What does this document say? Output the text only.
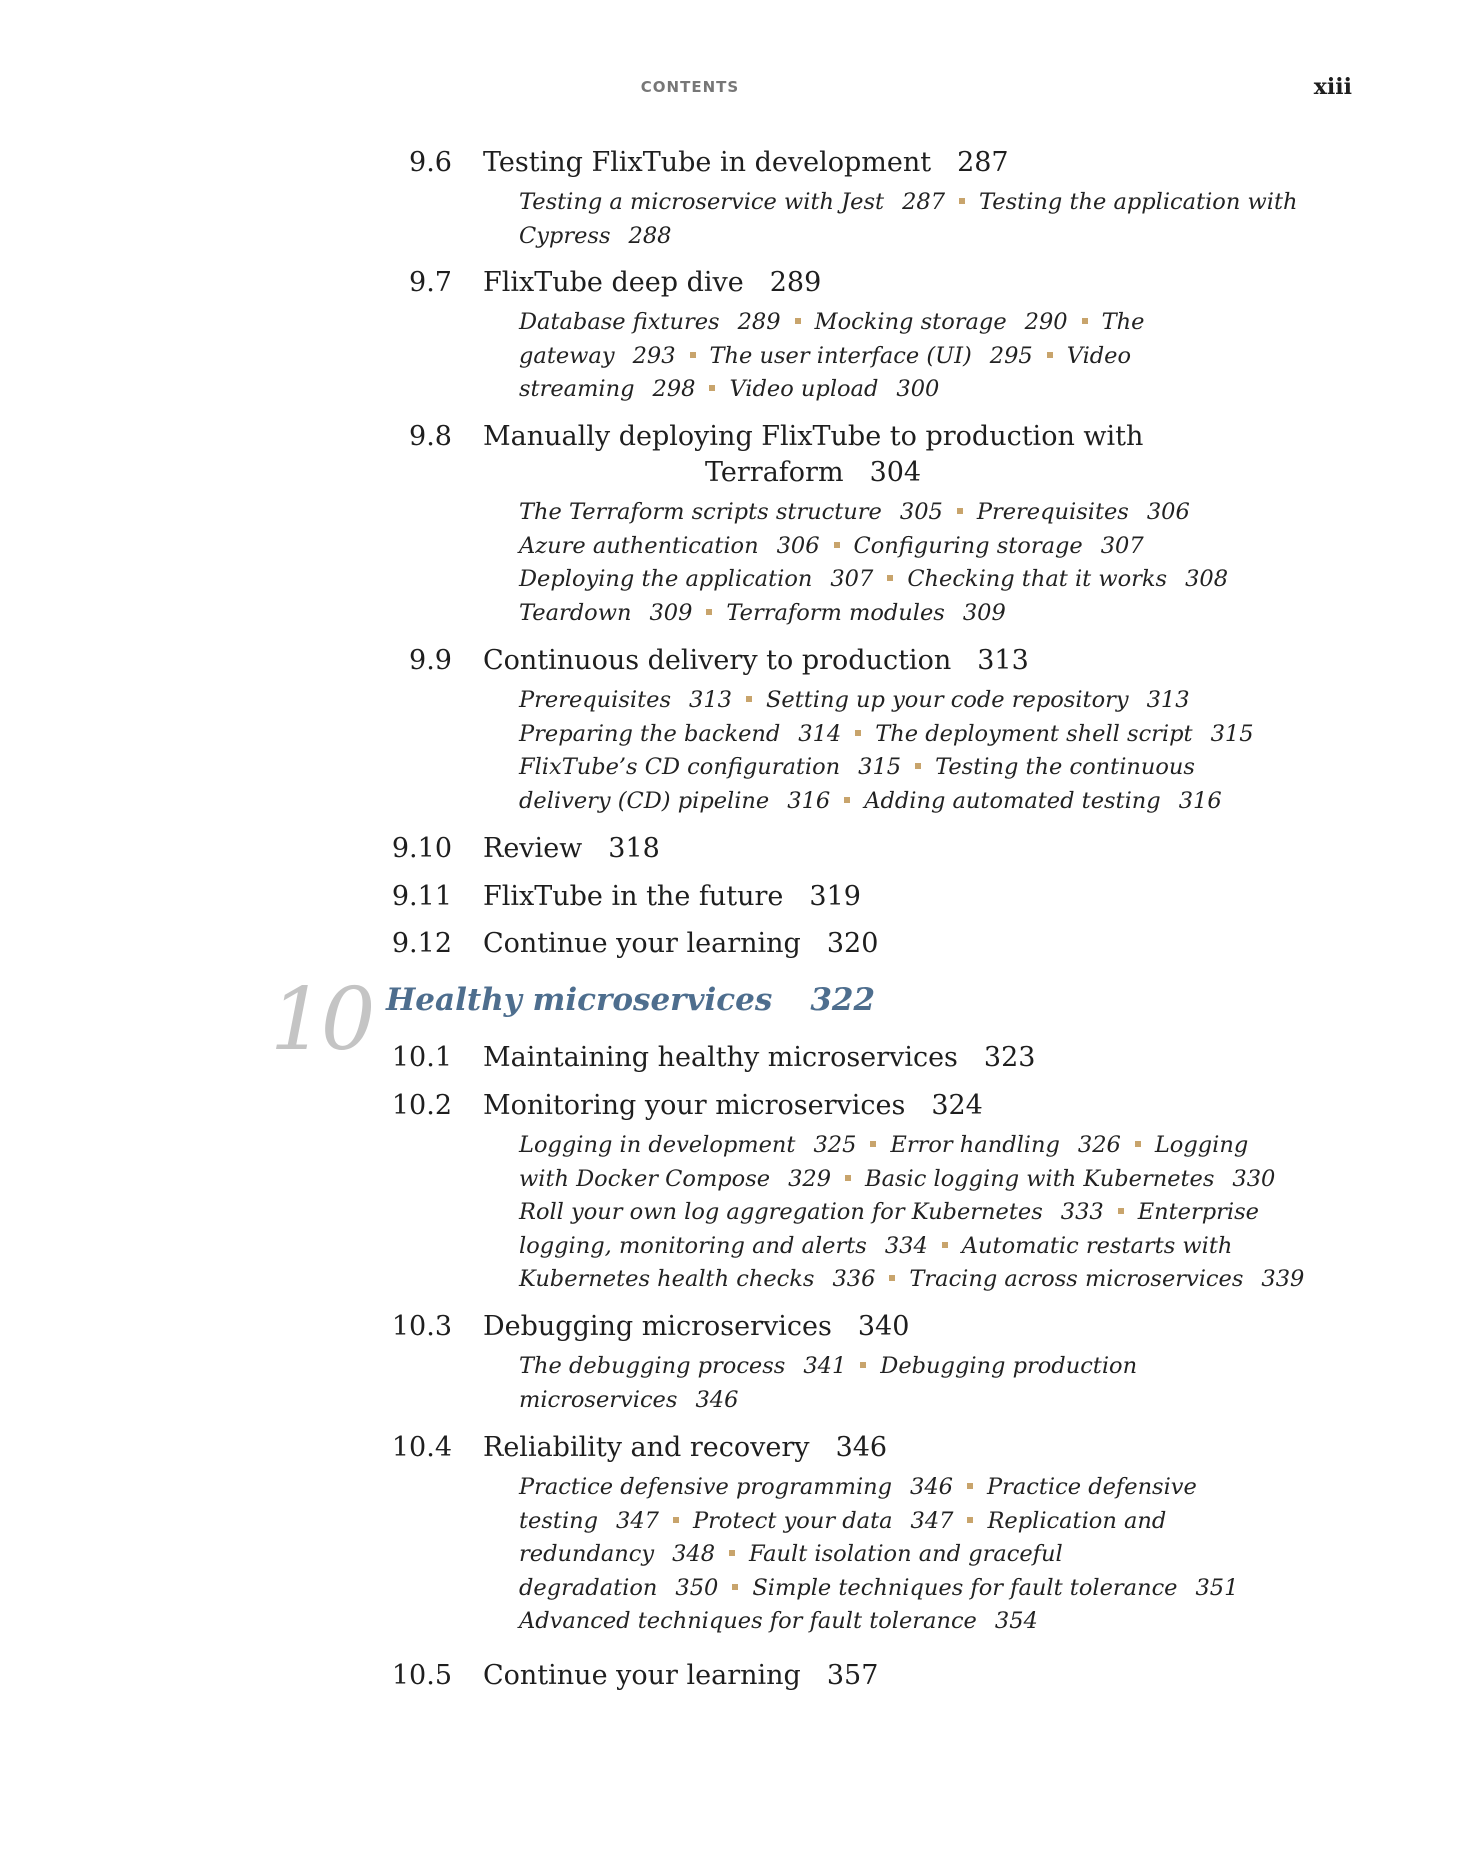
CONTENTS	xiii
9.6 Testing FlixTube in development 287
Testing a microservice with Jest 287 Testing the application with
Cypress 288
9.7 FlixTube deep dive 289
Database fixtures 289 Mocking storage 290 The
gateway 293 The user interface (UI) 295 Video
streaming 298 Video upload 300
9.8 Manually deploying FlixTube to production with
Terraform 304
The Terraform scripts structure 305 Prerequisites 306
Azure authentication 306 Configuring storage 307
Deploying the application 307 Checking that it works 308
Teardown 309 Terraform modules 309
9.9 Continuous delivery to production 313
Prerequisites 313 Setting up your code repository 313
Preparing the backend 314 The deployment shell script 315
FlixTube’s CD configuration 315 Testing the continuous
delivery (CD) pipeline 316 Adding automated testing 316
9.10 Review 318
9.11 FlixTube in the future 319
9.12 Continue your learning 320
10 Healthy microservices 322
10.1 Maintaining healthy microservices 323
10.2 Monitoring your microservices 324
Logging in development 325 Error handling 326 Logging
with Docker Compose 329 Basic logging with Kubernetes 330
Roll your own log aggregation for Kubernetes 333 Enterprise
logging, monitoring and alerts 334 Automatic restarts with
Kubernetes health checks 336 Tracing across microservices 339
10.3 Debugging microservices 340
The debugging process 341 Debugging production
microservices 346
10.4 Reliability and recovery 346
Practice defensive programming 346 Practice defensive
testing 347 Protect your data 347 Replication and
redundancy 348 Fault isolation and graceful
degradation 350 Simple techniques for fault tolerance 351
Advanced techniques for fault tolerance 354
10.5 Continue your learning 357
